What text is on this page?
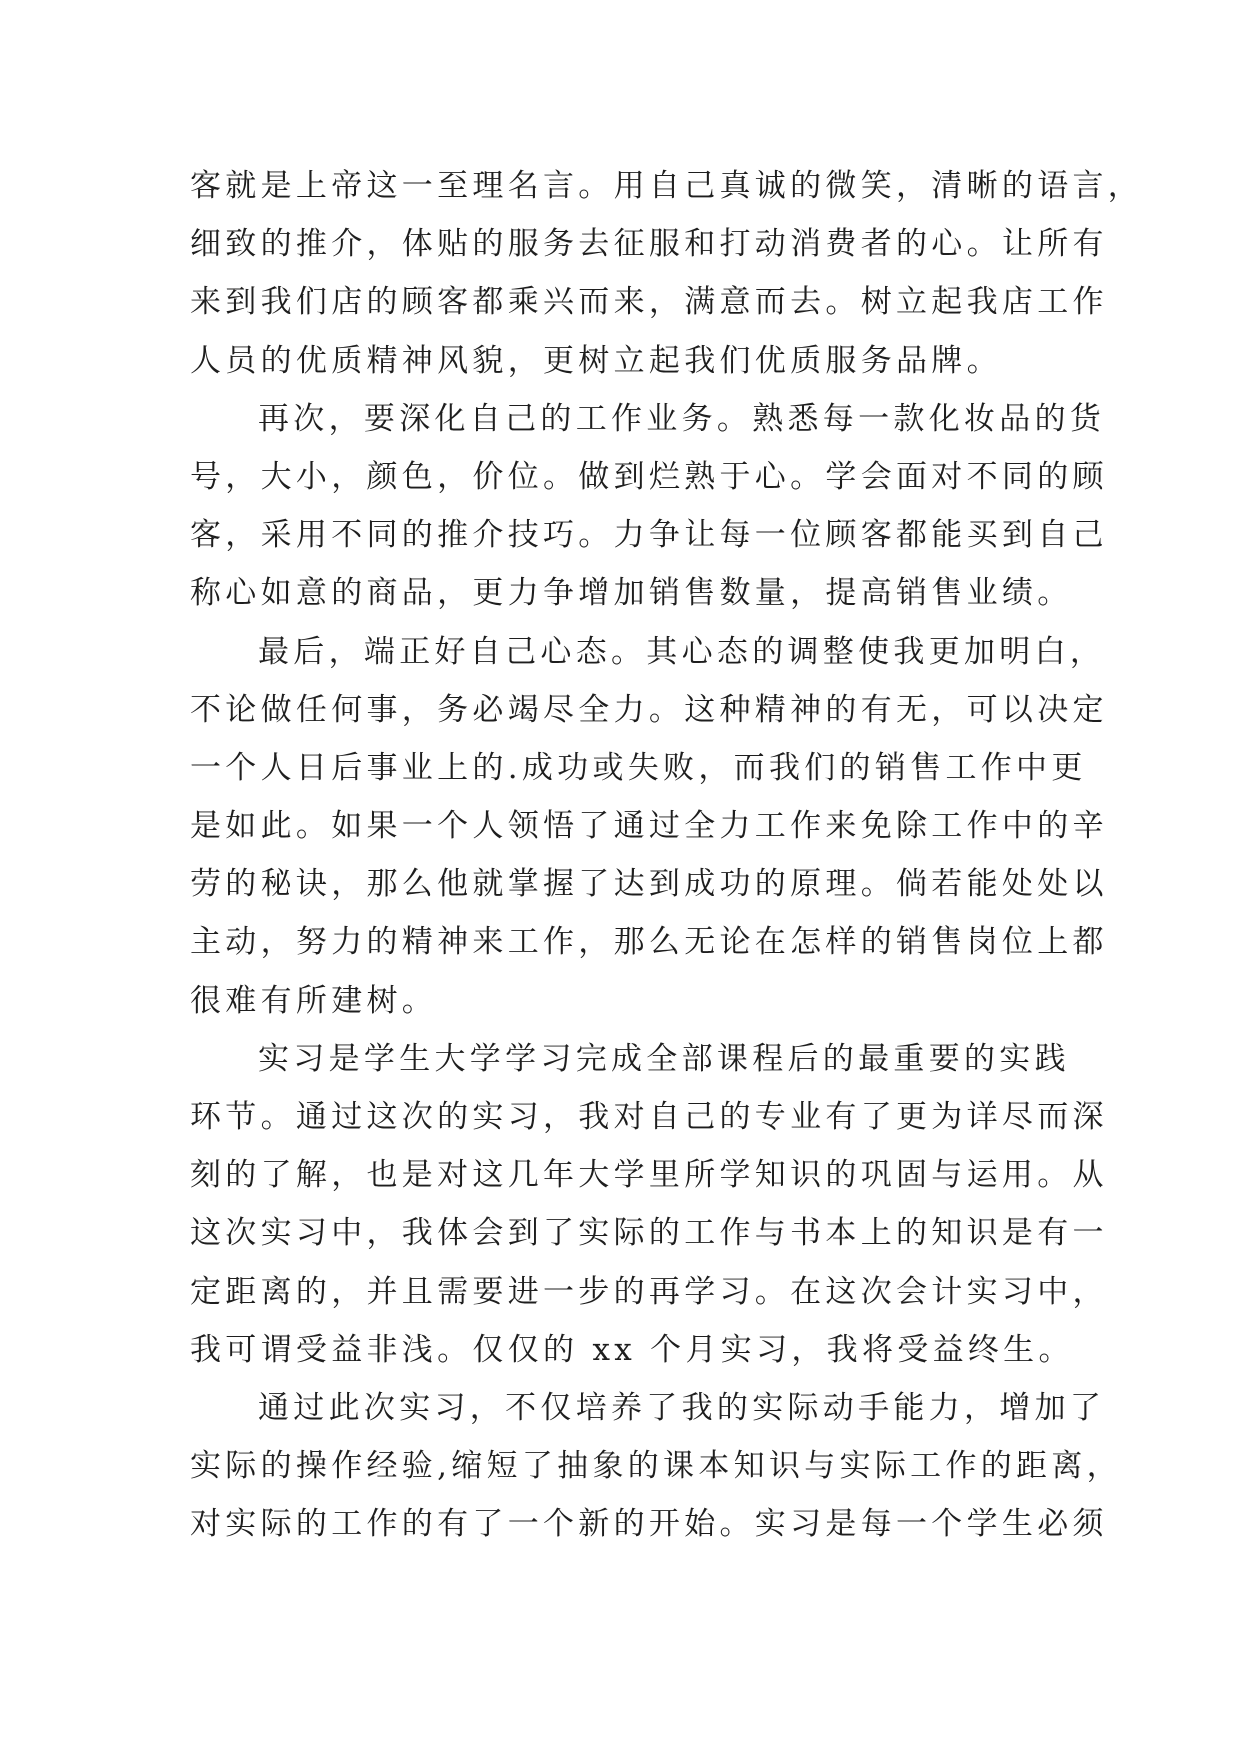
客就是上帝这一至理名言。用自己真诚的微笑，清晰的语言，
细致的推介，体贴的服务去征服和打动消费者的心。让所有
来到我们店的顾客都乘兴而来，满意而去。树立起我店工作
人员的优质精神风貌，更树立起我们优质服务品牌。
再次，要深化自己的工作业务。熟悉每一款化妆品的货
号，大小，颜色，价位。做到烂熟于心。学会面对不同的顾
客，采用不同的推介技巧。力争让每一位顾客都能买到自己
称心如意的商品，更力争增加销售数量，提高销售业绩。
最后，端正好自己心态。其心态的调整使我更加明白，
不论做任何事，务必竭尽全力。这种精神的有无，可以决定
一个人日后事业上的.成功或失败，而我们的销售工作中更
是如此。如果一个人领悟了通过全力工作来免除工作中的辛
劳的秘诀，那么他就掌握了达到成功的原理。倘若能处处以
主动，努力的精神来工作，那么无论在怎样的销售岗位上都
很难有所建树。
实习是学生大学学习完成全部课程后的最重要的实践
环节。通过这次的实习，我对自己的专业有了更为详尽而深
刻的了解，也是对这几年大学里所学知识的巩固与运用。从
这次实习中，我体会到了实际的工作与书本上的知识是有一
定距离的，并且需要进一步的再学习。在这次会计实习中，
我可谓受益非浅。仅仅的 xx 个月实习，我将受益终生。
通过此次实习，不仅培养了我的实际动手能力，增加了
实际的操作经验,缩短了抽象的课本知识与实际工作的距离，
对实际的工作的有了一个新的开始。实习是每一个学生必须
